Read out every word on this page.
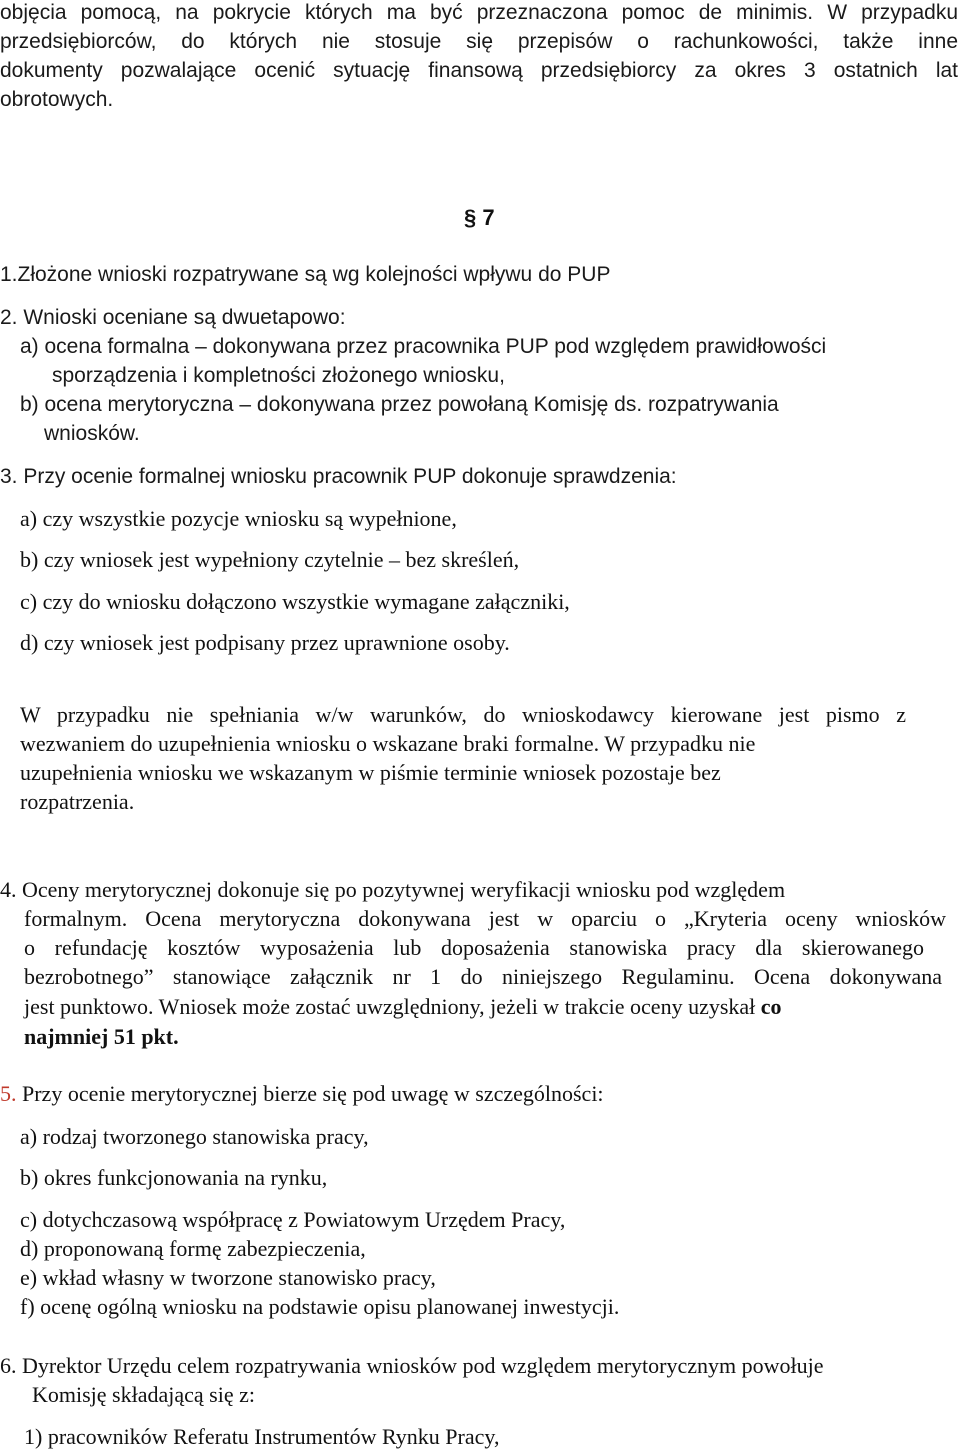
objęcia pomocą, na pokrycie których ma być przeznaczona pomoc de minimis. W przypadku
przedsiębiorców, do których nie stosuje się przepisów o rachunkowości, także inne
dokumenty pozwalające ocenić sytuację finansową przedsiębiorcy za okres 3 ostatnich lat
obrotowych.
§ 7
1.Złożone wnioski rozpatrywane są wg kolejności wpływu do PUP
2. Wnioski oceniane są dwuetapowo:
a) ocena formalna – dokonywana przez pracownika PUP pod względem prawidłowości
sporządzenia i kompletności złożonego wniosku,
b) ocena merytoryczna – dokonywana przez powołaną Komisję ds. rozpatrywania
wniosków.
3. Przy ocenie formalnej wniosku pracownik PUP dokonuje sprawdzenia:
a) czy wszystkie pozycje wniosku są wypełnione,
b) czy wniosek jest wypełniony czytelnie – bez skreśleń,
c) czy do wniosku dołączono wszystkie wymagane załączniki,
d) czy wniosek jest podpisany przez uprawnione osoby.
W przypadku nie spełniania w/w warunków, do wnioskodawcy kierowane jest pismo z
wezwaniem do uzupełnienia wniosku o wskazane braki formalne. W przypadku nie
uzupełnienia wniosku we wskazanym w piśmie terminie wniosek pozostaje bez
rozpatrzenia.
4. Oceny merytorycznej dokonuje się po pozytywnej weryfikacji wniosku pod względem
formalnym. Ocena merytoryczna dokonywana jest w oparciu o „Kryteria oceny wniosków
o refundację kosztów wyposażenia lub doposażenia stanowiska pracy dla skierowanego
bezrobotnego” stanowiące załącznik nr 1 do niniejszego Regulaminu. Ocena dokonywana
jest punktowo. Wniosek może zostać uwzględniony, jeżeli w trakcie oceny uzyskał co
najmniej 51 pkt.
5. Przy ocenie merytorycznej bierze się pod uwagę w szczególności:
a) rodzaj tworzonego stanowiska pracy,
b) okres funkcjonowania na rynku,
c) dotychczasową współpracę z Powiatowym Urzędem Pracy,
d) proponowaną formę zabezpieczenia,
e) wkład własny w tworzone stanowisko pracy,
f) ocenę ogólną wniosku na podstawie opisu planowanej inwestycji.
6. Dyrektor Urzędu celem rozpatrywania wniosków pod względem merytorycznym powołuje
Komisję składającą się z:
1) pracowników Referatu Instrumentów Rynku Pracy,
